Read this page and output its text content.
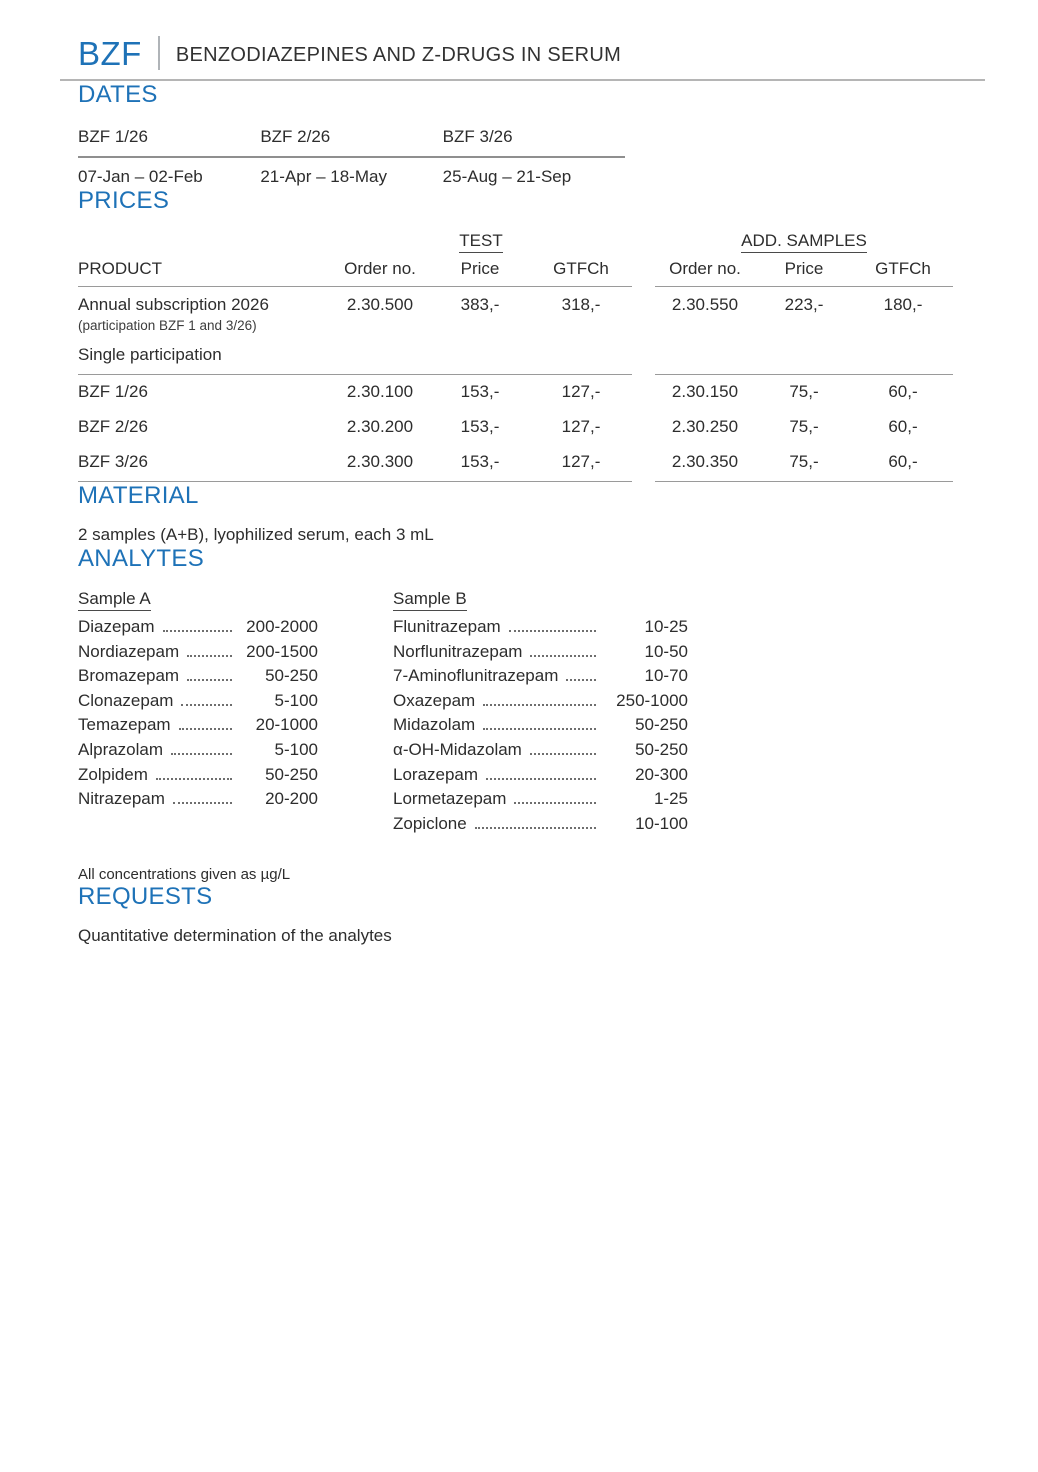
BZF BENZODIAZEPINES AND Z-DRUGS IN SERUM
DATES
BZF 1/26	BZF 2/26	BZF 3/26
07-Jan – 02-Feb	21-Apr – 18-May	25-Aug – 21-Sep
PRICES
TEST	ADD. SAMPLES
PRODUCT	Order no.	Price	GTFCh	Order no.	Price	GTFCh
Annual subscription 2026
(participation BZF 1 and 3/26)
2.30.500	383,-	318,-	2.30.550	223,-	180,-
Single participation
BZF 1/26	2.30.100	153,-	127,-	2.30.150	75,-	60,-
BZF 2/26	2.30.200	153,-	127,-	2.30.250	75,-	60,-
BZF 3/26	2.30.300	153,-	127,-	2.30.350	75,-	60,-
MATERIAL
2 samples (A+B), lyophilized serum, each 3 mL
ANALYTES
Sample A
Diazepam	200-2000
Nordiazepam	200-1500
Bromazepam	50-250
Clonazepam	5-100
Temazepam	20-1000
Alprazolam	5-100
Zolpidem	50-250
Nitrazepam	20-200
Sample B
Flunitrazepam	10-25
Norflunitrazepam	10-50
7-Aminoflunitrazepam	10-70
Oxazepam	250-1000
Midazolam	50-250
α-OH-Midazolam	50-250
Lorazepam	20-300
Lormetazepam	1-25
Zopiclone	10-100
All concentrations given as µg/L
REQUESTS
Quantitative determination of the analytes
